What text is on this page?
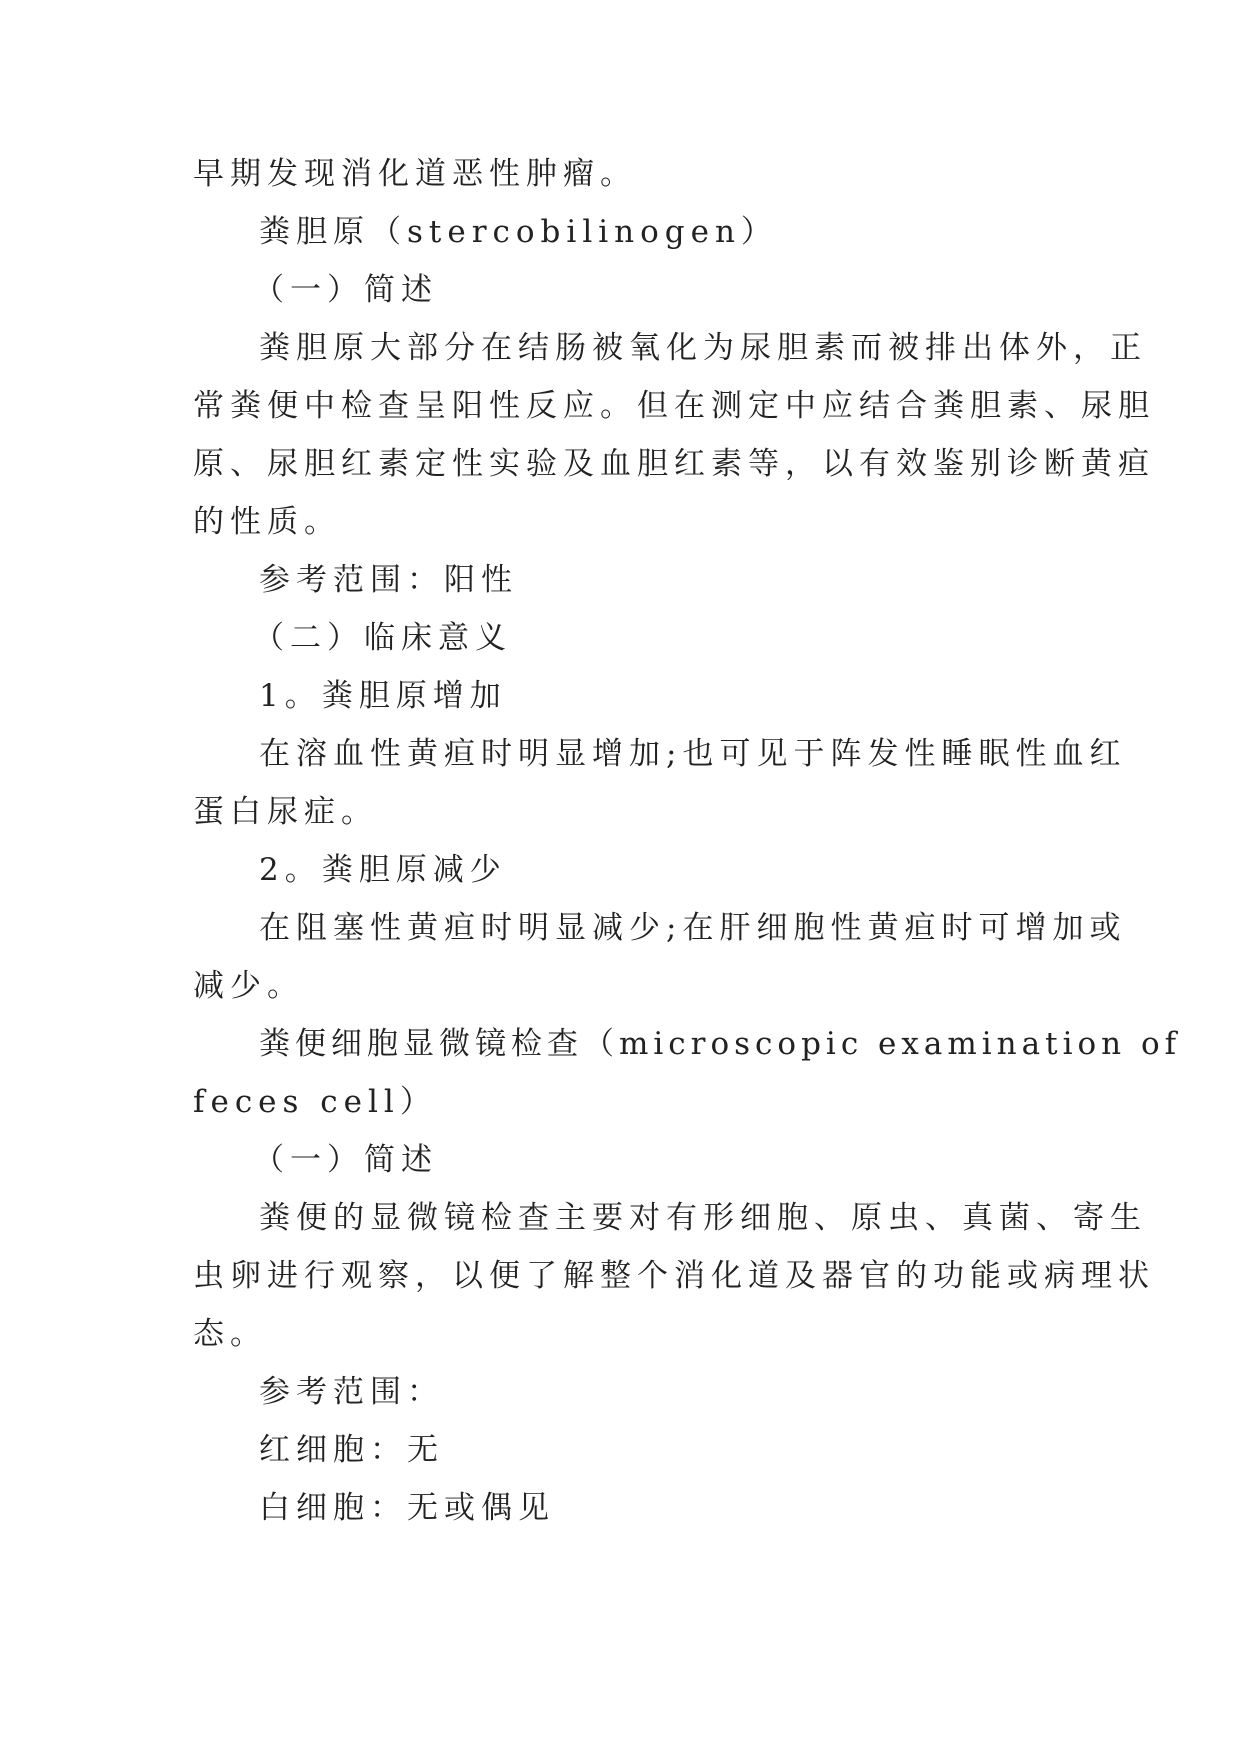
早期发现消化道恶性肿瘤。
粪胆原（stercobilinogen）
（一）简述
粪胆原大部分在结肠被氧化为尿胆素而被排出体外，正
常粪便中检查呈阳性反应。但在测定中应结合粪胆素、尿胆
原、尿胆红素定性实验及血胆红素等，以有效鉴别诊断黄疸
的性质。
参考范围：阳性
（二）临床意义
1。粪胆原增加
在溶血性黄疸时明显增加;也可见于阵发性睡眠性血红
蛋白尿症。
2。粪胆原减少
在阻塞性黄疸时明显减少;在肝细胞性黄疸时可增加或
减少。
粪便细胞显微镜检查（microscopic examination of
feces cell）
（一）简述
粪便的显微镜检查主要对有形细胞、原虫、真菌、寄生
虫卵进行观察，以便了解整个消化道及器官的功能或病理状
态。
参考范围：
红细胞：无
白细胞：无或偶见
